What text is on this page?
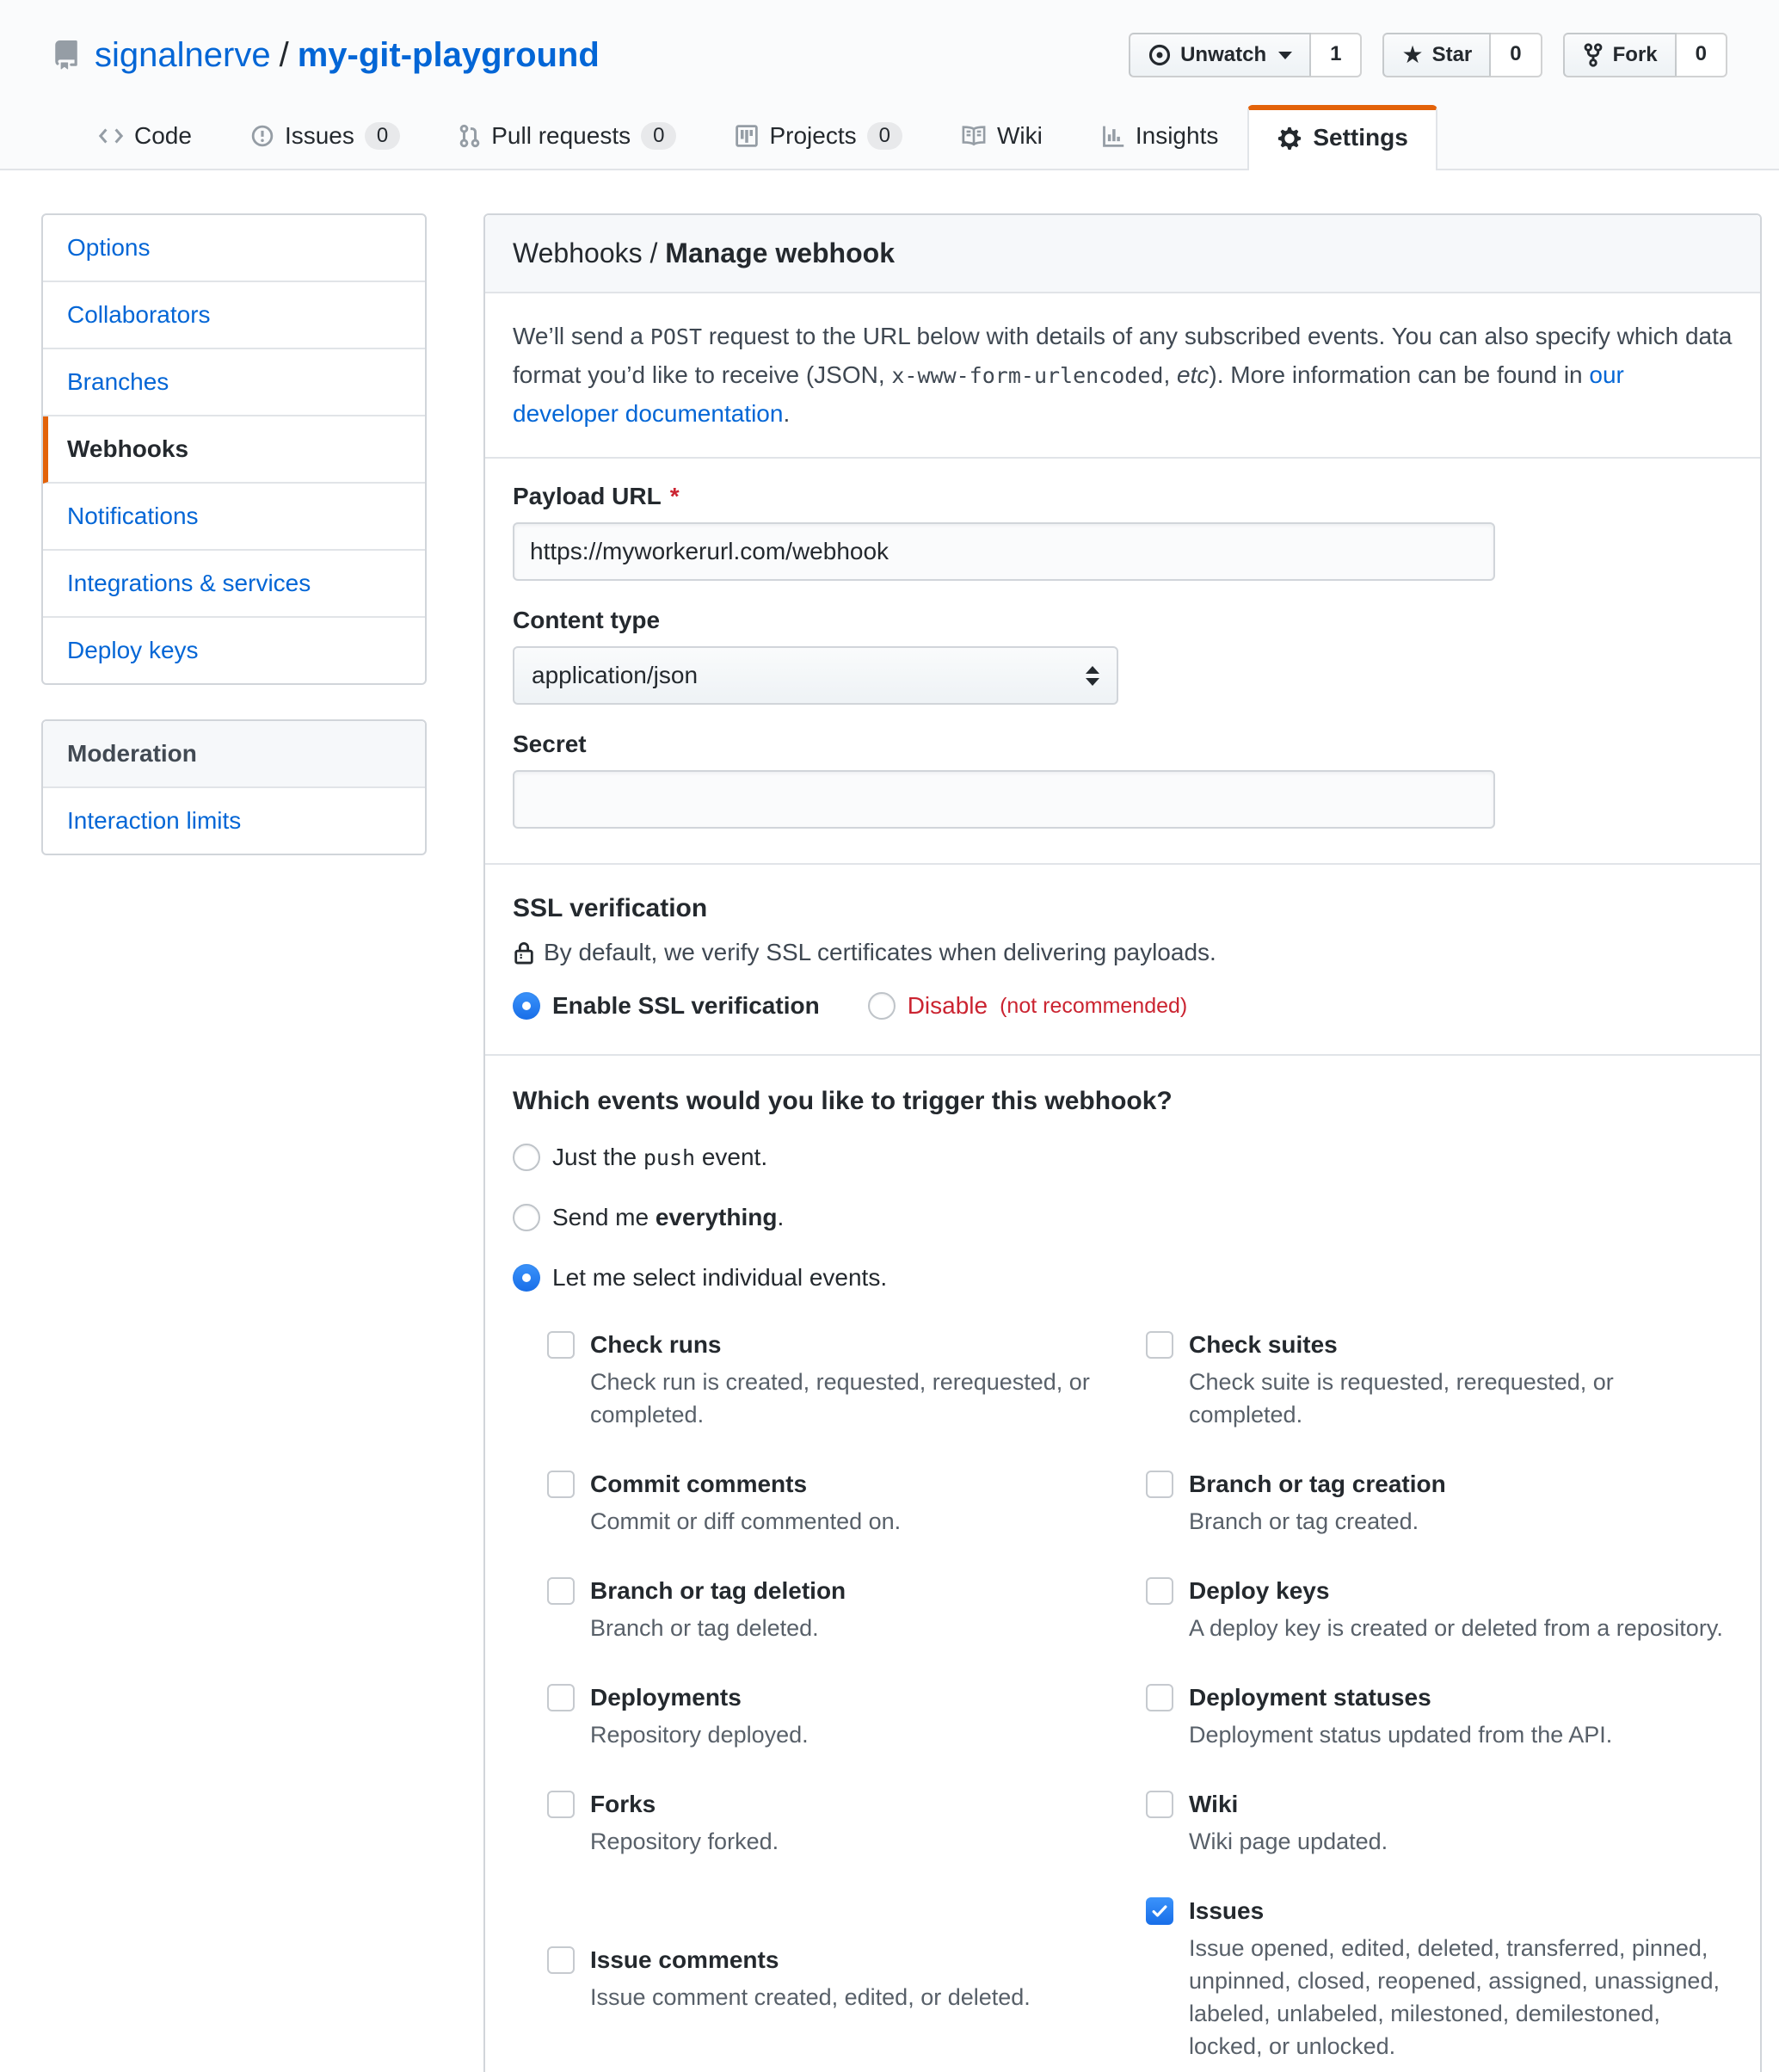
signalnerve / my-git-playground	Unwatch	1	★ Star	0	Fork	0
Code	Issues	0	Pull requests	0	Projects	0	Wiki	Insights	Settings
Options
Collaborators
Branches
Webhooks
Notifications
Integrations & services
Deploy keys
Moderation
Interaction limits
Webhooks / Manage webhook

We’ll send a POST request to the URL below with details of any subscribed events. You can also specify which data format you’d like to receive (JSON, x-www-form-urlencoded, etc). More information can be found in our developer documentation.

Payload URL *
https://myworkerurl.com/webhook
Content type
application/json
Secret
SSL verification
By default, we verify SSL certificates when delivering payloads.
Enable SSL verification	Disable (not recommended)
Which events would you like to trigger this webhook?
Just the push event.
Send me everything.
Let me select individual events.
Check runs
Check run is created, requested, rerequested, or completed.
Check suites
Check suite is requested, rerequested, or completed.
Commit comments
Commit or diff commented on.
Branch or tag creation
Branch or tag created.
Branch or tag deletion
Branch or tag deleted.
Deploy keys
A deploy key is created or deleted from a repository.
Deployments
Repository deployed.
Deployment statuses
Deployment status updated from the API.
Forks
Repository forked.
Wiki
Wiki page updated.
Issue comments
Issue comment created, edited, or deleted.
Issues
Issue opened, edited, deleted, transferred, pinned, unpinned, closed, reopened, assigned, unassigned, labeled, unlabeled, milestoned, demilestoned, locked, or unlocked.
